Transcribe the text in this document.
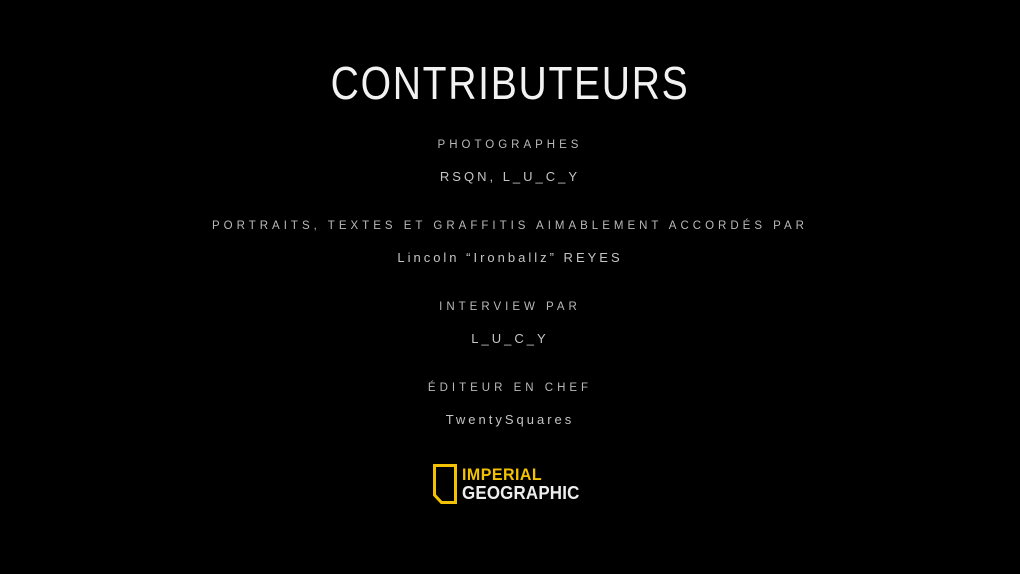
CONTRIBUTEURS
PHOTOGRAPHES
RSQN, L_U_C_Y
PORTRAITS, TEXTES ET GRAFFITIS AIMABLEMENT ACCORDÉS PAR
Lincoln “Ironballz” REYES
INTERVIEW PAR
L_U_C_Y
ÉDITEUR EN CHEF
TwentySquares
IMPERIAL
GEOGRAPHIC
